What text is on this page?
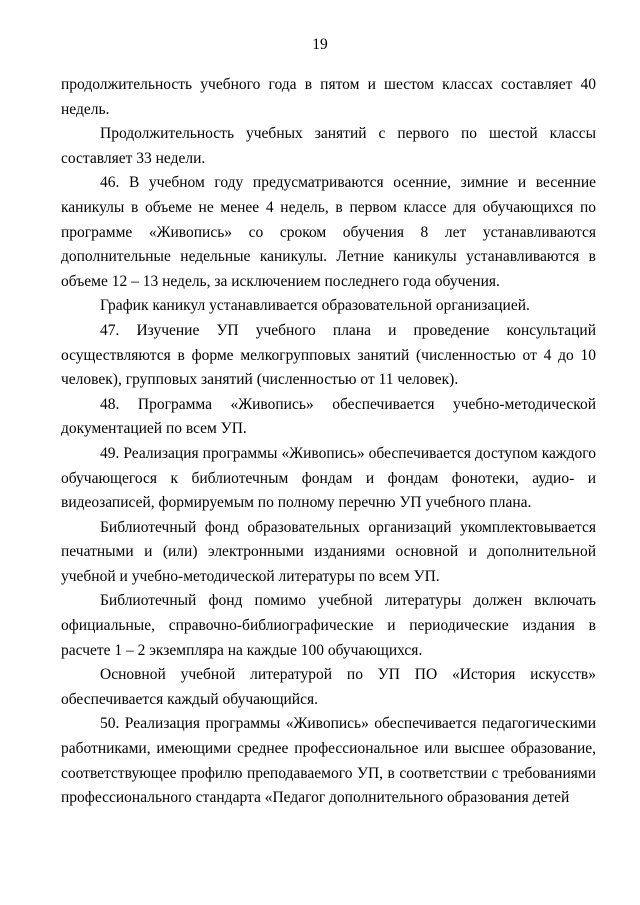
19

продолжительность учебного года в пятом и шестом классах составляет 40 недель.

Продолжительность учебных занятий с первого по шестой классы составляет 33 недели.

46. В учебном году предусматриваются осенние, зимние и весенние каникулы в объеме не менее 4 недель, в первом классе для обучающихся по программе «Живопись» со сроком обучения 8 лет устанавливаются дополнительные недельные каникулы. Летние каникулы устанавливаются в объеме 12 – 13 недель, за исключением последнего года обучения.

График каникул устанавливается образовательной организацией.

47. Изучение УП учебного плана и проведение консультаций осуществляются в форме мелкогрупповых занятий (численностью от 4 до 10 человек), групповых занятий (численностью от 11 человек).

48. Программа «Живопись» обеспечивается учебно-методической документацией по всем УП.

49. Реализация программы «Живопись» обеспечивается доступом каждого обучающегося к библиотечным фондам и фондам фонотеки, аудио- и видеозаписей, формируемым по полному перечню УП учебного плана.

Библиотечный фонд образовательных организаций укомплектовывается печатными и (или) электронными изданиями основной и дополнительной учебной и учебно-методической литературы по всем УП.

Библиотечный фонд помимо учебной литературы должен включать официальные, справочно-библиографические и периодические издания в расчете 1 – 2 экземпляра на каждые 100 обучающихся.

Основной учебной литературой по УП ПО «История искусств» обеспечивается каждый обучающийся.

50. Реализация программы «Живопись» обеспечивается педагогическими работниками, имеющими среднее профессиональное или высшее образование, соответствующее профилю преподаваемого УП, в соответствии с требованиями профессионального стандарта «Педагог дополнительного образования детей
